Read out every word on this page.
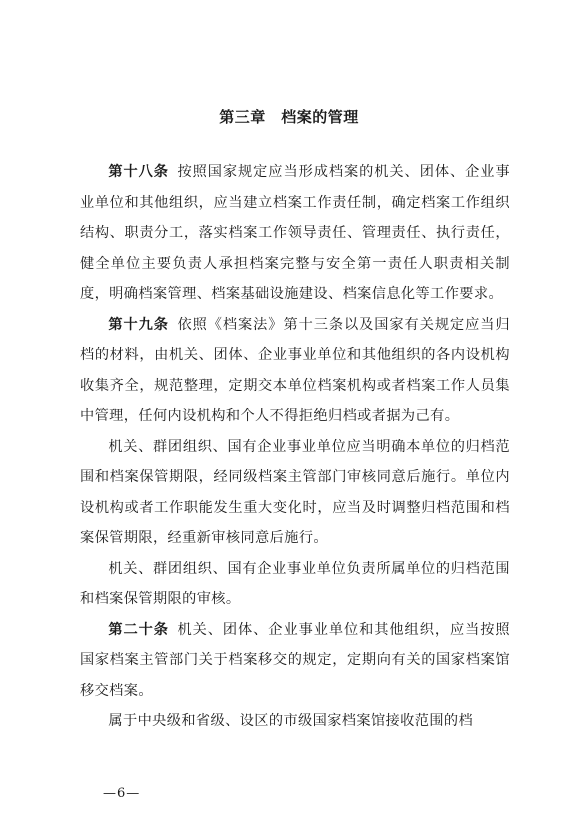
第三章　档案的管理

第十八条 按照国家规定应当形成档案的机关、团体、企业事业单位和其他组织，应当建立档案工作责任制，确定档案工作组织结构、职责分工，落实档案工作领导责任、管理责任、执行责任，健全单位主要负责人承担档案完整与安全第一责任人职责相关制度，明确档案管理、档案基础设施建设、档案信息化等工作要求。

第十九条 依照《档案法》第十三条以及国家有关规定应当归档的材料，由机关、团体、企业事业单位和其他组织的各内设机构收集齐全，规范整理，定期交本单位档案机构或者档案工作人员集中管理，任何内设机构和个人不得拒绝归档或者据为己有。

机关、群团组织、国有企业事业单位应当明确本单位的归档范围和档案保管期限，经同级档案主管部门审核同意后施行。单位内设机构或者工作职能发生重大变化时，应当及时调整归档范围和档案保管期限，经重新审核同意后施行。

机关、群团组织、国有企业事业单位负责所属单位的归档范围和档案保管期限的审核。

第二十条 机关、团体、企业事业单位和其他组织，应当按照国家档案主管部门关于档案移交的规定，定期向有关的国家档案馆移交档案。

属于中央级和省级、设区的市级国家档案馆接收范围的档

—6—
